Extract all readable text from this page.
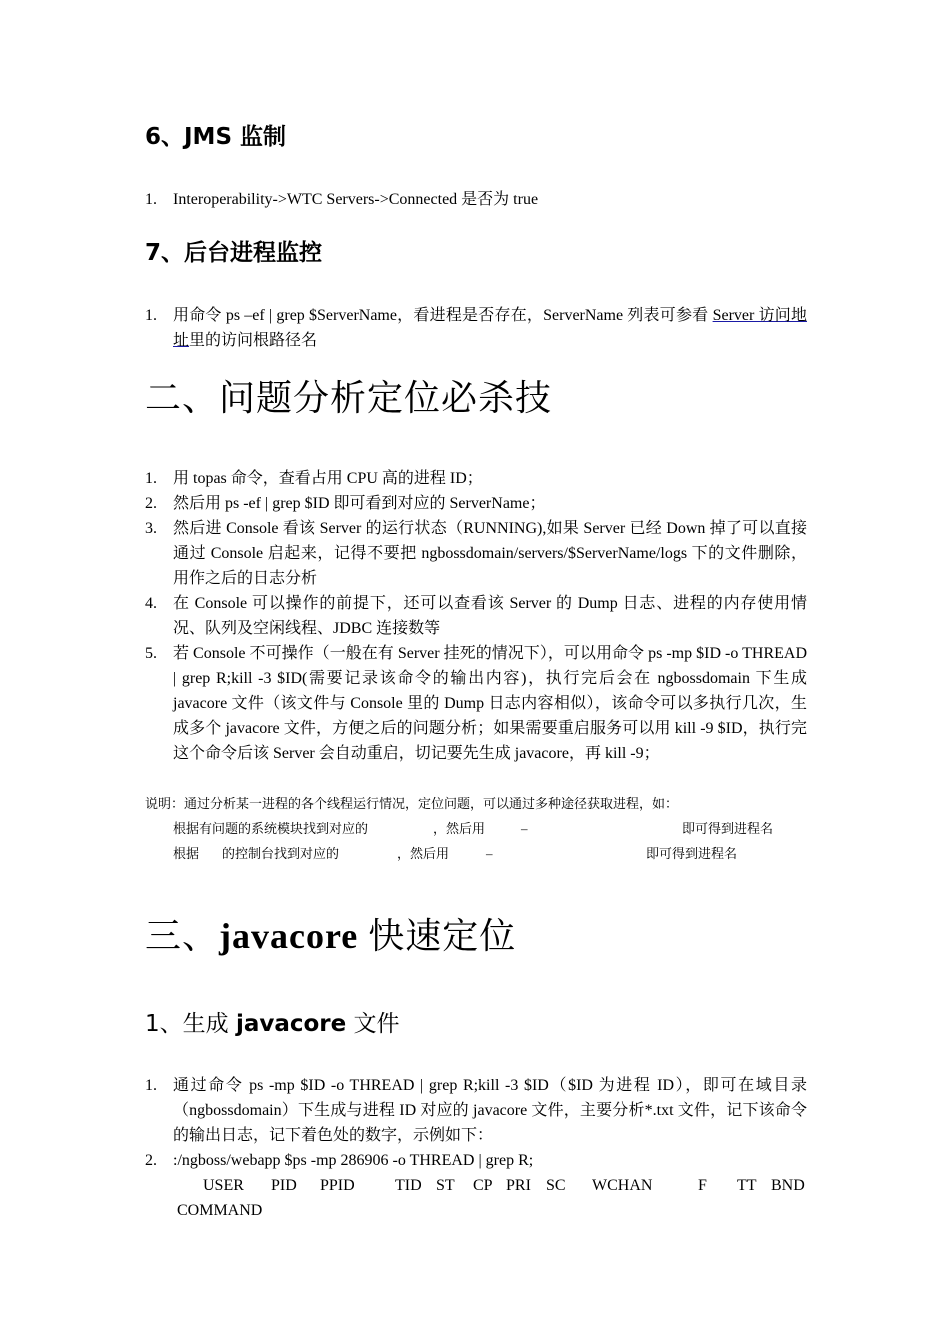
6、JMS 监制
1. Interoperability->WTC Servers->Connected 是否为 true
7、后台进程监控
1. 用命令 ps –ef | grep $ServerName，看进程是否存在，ServerName 列表可参看 Server 访问地址里的访问根路径名
二、问题分析定位必杀技
1. 用 topas 命令，查看占用 CPU 高的进程 ID；
2. 然后用 ps -ef | grep $ID 即可看到对应的 ServerName；
3. 然后进 Console 看该 Server 的运行状态（RUNNING),如果 Server 已经 Down 掉了可以直接通过 Console 启起来，记得不要把 ngbossdomain/servers/$ServerName/logs 下的文件删除，用作之后的日志分析
4. 在 Console 可以操作的前提下，还可以查看该 Server 的 Dump 日志、进程的内存使用情况、队列及空闲线程、JDBC 连接数等
5. 若 Console 不可操作（一般在有 Server 挂死的情况下），可以用命令 ps -mp $ID -o THREAD | grep R;kill -3 $ID(需要记录该命令的输出内容)，执行完后会在 ngbossdomain 下生成 javacore 文件（该文件与 Console 里的 Dump 日志内容相似），该命令可以多执行几次，生成多个 javacore 文件，方便之后的问题分析；如果需要重启服务可以用 kill -9 $ID，执行完这个命令后该 Server 会自动重启，切记要先生成 javacore，再 kill -9；
说明：通过分析某一进程的各个线程运行情况，定位问题，可以通过多种途径获取进程，如：
根据有问题的系统模块找到对应的	，然后用	–	即可得到进程名
根据 的控制台找到对应的	，然后用	–	即可得到进程名
三、javacore 快速定位
1、生成 javacore 文件
1. 通过命令 ps -mp $ID -o THREAD | grep R;kill -3 $ID（$ID 为进程 ID），即可在域目录（ngbossdomain）下生成与进程 ID 对应的 javacore 文件，主要分析*.txt 文件，记下该命令的输出日志，记下着色处的数字，示例如下：
2. :/ngboss/webapp $ps -mp 286906 -o THREAD | grep R;
USER PID PPID	TID ST CP PRI SC WCHAN	F TT BND
COMMAND
